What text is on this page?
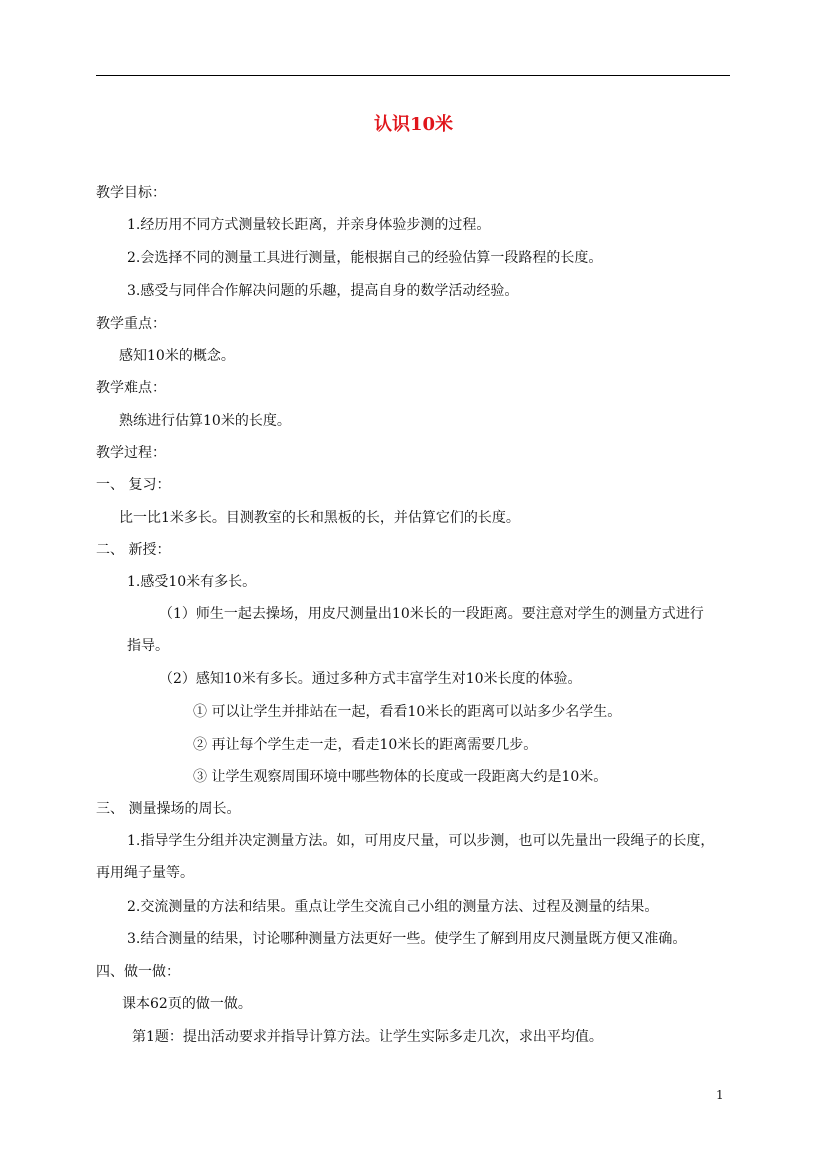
认识10米
教学目标：
1.经历用不同方式测量较长距离，并亲身体验步测的过程。
2.会选择不同的测量工具进行测量，能根据自己的经验估算一段路程的长度。
3.感受与同伴合作解决问题的乐趣，提高自身的数学活动经验。
教学重点：
感知10米的概念。
教学难点：
熟练进行估算10米的长度。
教学过程：
一、 复习：
比一比1米多长。目测教室的长和黑板的长，并估算它们的长度。
二、 新授：
1.感受10米有多长。
（1）师生一起去操场，用皮尺测量出10米长的一段距离。要注意对学生的测量方式进行
指导。
（2）感知10米有多长。通过多种方式丰富学生对10米长度的体验。
① 可以让学生并排站在一起，看看10米长的距离可以站多少名学生。
② 再让每个学生走一走，看走10米长的距离需要几步。
③ 让学生观察周围环境中哪些物体的长度或一段距离大约是10米。
三、 测量操场的周长。
1.指导学生分组并决定测量方法。如，可用皮尺量，可以步测，也可以先量出一段绳子的长度，
再用绳子量等。
2.交流测量的方法和结果。重点让学生交流自己小组的测量方法、过程及测量的结果。
3.结合测量的结果，讨论哪种测量方法更好一些。使学生了解到用皮尺测量既方便又准确。
四、做一做：
课本62页的做一做。
第1题：提出活动要求并指导计算方法。让学生实际多走几次，求出平均值。
1
